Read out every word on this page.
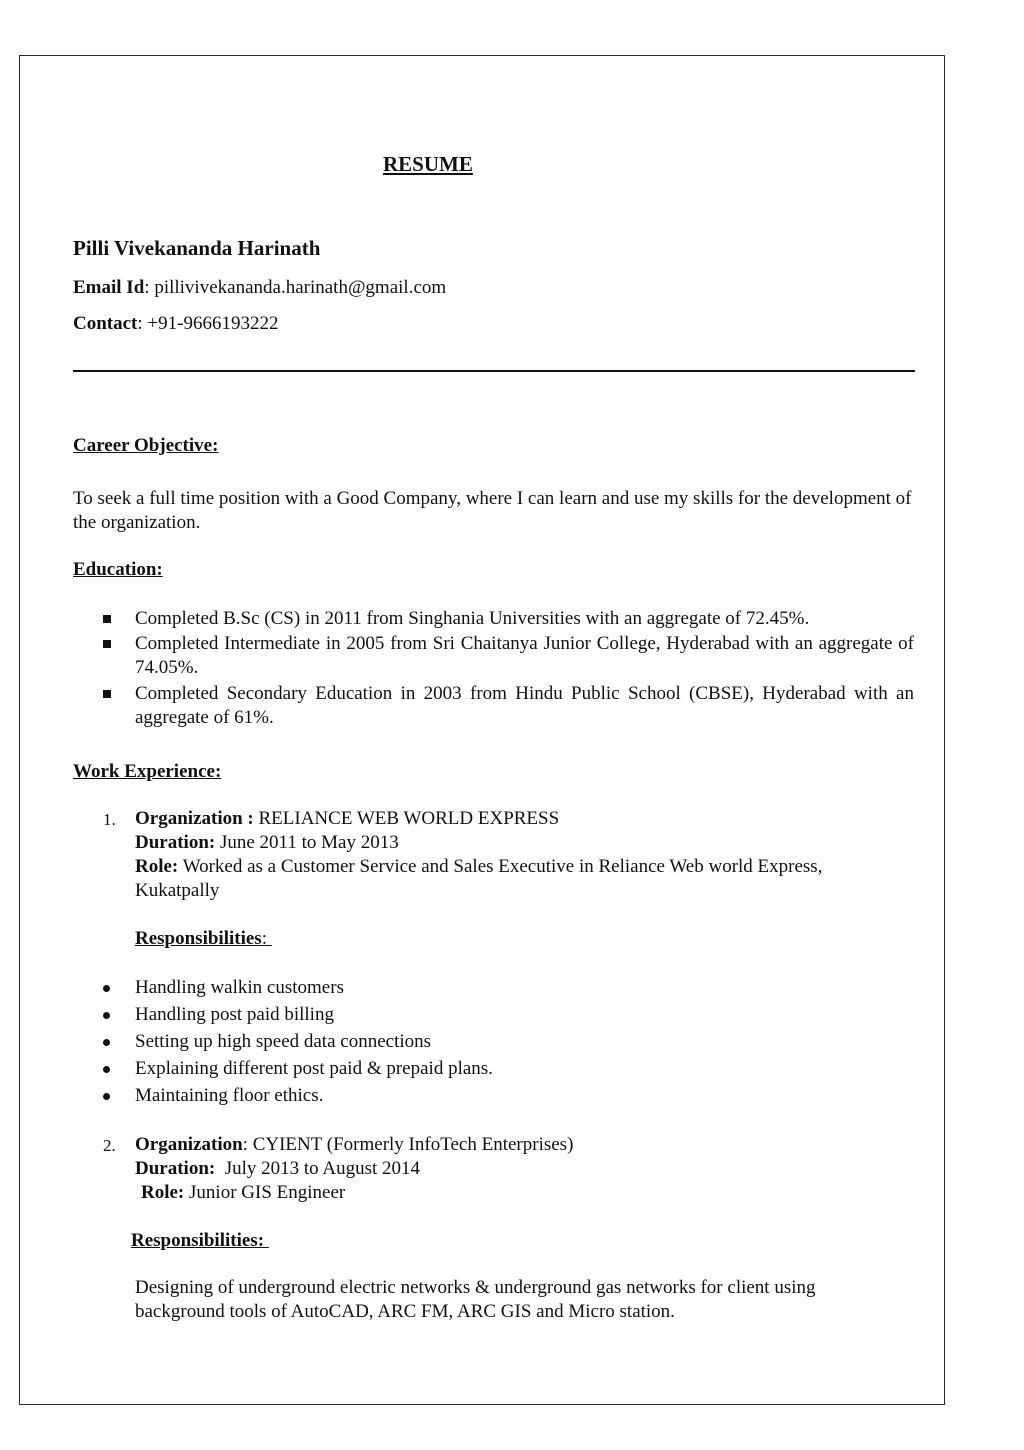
RESUME
Pilli Vivekananda Harinath
Email Id: pillivivekananda.harinath@gmail.com
Contact: +91-9666193222
Career Objective:
To seek a full time position with a Good Company, where I can learn and use my skills for the development of the organization.
Education:
Completed B.Sc (CS) in 2011 from Singhania Universities with an aggregate of 72.45%.
Completed Intermediate in 2005 from Sri Chaitanya Junior College, Hyderabad with an aggregate of 74.05%.
Completed Secondary Education in 2003 from Hindu Public School (CBSE), Hyderabad with an aggregate of 61%.
Work Experience:
1. Organization : RELIANCE WEB WORLD EXPRESS
Duration: June 2011 to May 2013
Role: Worked as a Customer Service and Sales Executive in Reliance Web world Express,
Kukatpally
Responsibilities:
Handling walkin customers
Handling post paid billing
Setting up high speed data connections
Explaining different post paid & prepaid plans.
Maintaining floor ethics.
2. Organization: CYIENT (Formerly InfoTech Enterprises)
Duration: July 2013 to August 2014
Role: Junior GIS Engineer
Responsibilities:
Designing of underground electric networks & underground gas networks for client using
background tools of AutoCAD, ARC FM, ARC GIS and Micro station.
